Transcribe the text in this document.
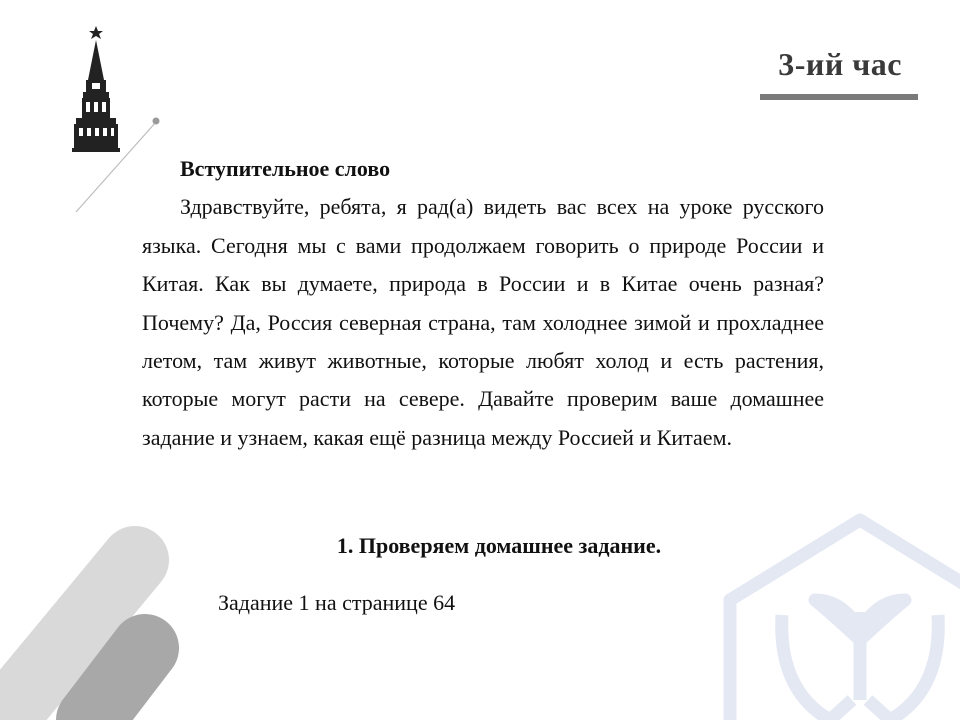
3-ий час

Вступительное слово

Здравствуйте, ребята, я рад(а) видеть вас всех на уроке русского языка. Сегодня мы с вами продолжаем говорить о природе России и Китая. Как вы думаете, природа в России и в Китае очень разная? Почему? Да, Россия северная страна, там холоднее зимой и прохладнее летом, там живут животные, которые любят холод и есть растения, которые могут расти на севере. Давайте проверим ваше домашнее задание и узнаем, какая ещё разница между Россией и Китаем.

1. Проверяем домашнее задание.

Задание 1 на странице 64
